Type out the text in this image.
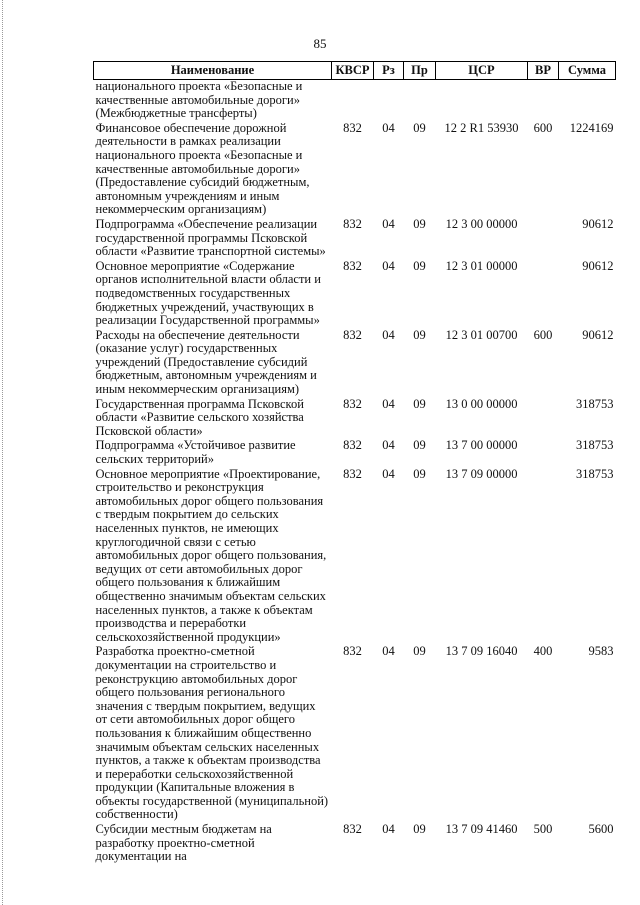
85
Наименование	КВСР	Рз	Пр	ЦСР	ВР	Сумма
национального проекта «Безопасные и качественные автомобильные дороги» (Межбюджетные трансферты)						
Финансовое обеспечение дорожной деятельности в рамках реализации национального проекта «Безопасные и качественные автомобильные дороги» (Предоставление субсидий бюджетным, автономным учреждениям и иным некоммерческим организациям)	832	04	09	12 2 R1 53930	600	1224169
Подпрограмма «Обеспечение реализации государственной программы Псковской области «Развитие транспортной системы»	832	04	09	12 3 00 00000		90612
Основное мероприятие «Содержание органов исполнительной власти области и подведомственных государственных бюджетных учреждений, участвующих в реализации Государственной программы»	832	04	09	12 3 01 00000		90612
Расходы на обеспечение деятельности (оказание услуг) государственных учреждений (Предоставление субсидий бюджетным, автономным учреждениям и иным некоммерческим организациям)	832	04	09	12 3 01 00700	600	90612
Государственная программа Псковской области «Развитие сельского хозяйства Псковской области»	832	04	09	13 0 00 00000		318753
Подпрограмма «Устойчивое развитие сельских территорий»	832	04	09	13 7 00 00000		318753
Основное мероприятие «Проектирование, строительство и реконструкция автомобильных дорог общего пользования с твердым покрытием до сельских населенных пунктов, не имеющих круглогодичной связи с сетью автомобильных дорог общего пользования, ведущих от сети автомобильных дорог общего пользования к ближайшим общественно значимым объектам сельских населенных пунктов, а также к объектам производства и переработки сельскохозяйственной продукции»	832	04	09	13 7 09 00000		318753
Разработка проектно-сметной документации на строительство и реконструкцию автомобильных дорог общего пользования регионального значения с твердым покрытием, ведущих от сети автомобильных дорог общего пользования к ближайшим общественно значимым объектам сельских населенных пунктов, а также к объектам производства и переработки сельскохозяйственной продукции (Капитальные вложения в объекты государственной (муниципальной) собственности)	832	04	09	13 7 09 16040	400	9583
Субсидии местным бюджетам на разработку проектно-сметной документации на	832	04	09	13 7 09 41460	500	5600
